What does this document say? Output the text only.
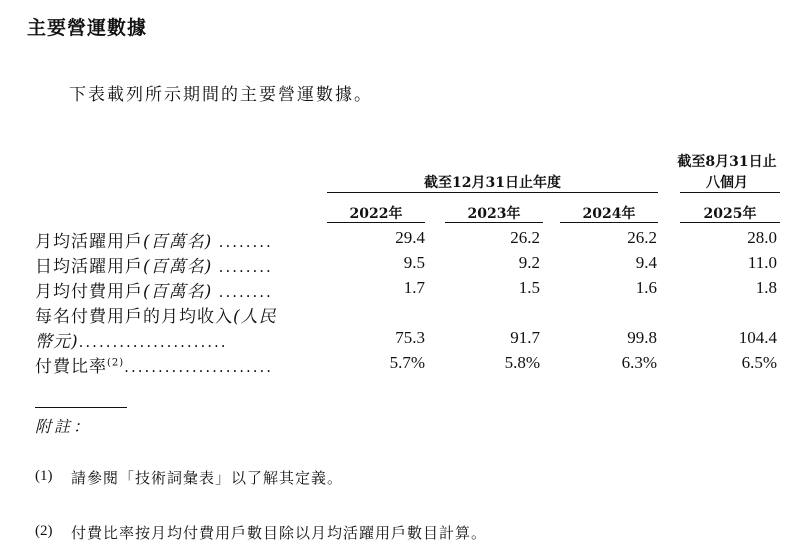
主要營運數據
下表載列所示期間的主要營運數據。
截至12月31日止年度
截至8月31日止
八個月
2022年	2023年	2024年	2025年
月均活躍用戶(百萬名) ........	29.4	26.2	26.2	28.0
日均活躍用戶(百萬名) ........	9.5	9.2	9.4	11.0
月均付費用戶(百萬名) ........	1.7	1.5	1.6	1.8
每名付費用戶的月均收入(人民
幣元)......................	75.3	91.7	99.8	104.4
付費比率$^{(2)}$......................	5.7%	5.8%	6.3%	6.5%
附註：
(1) 請參閱「技術詞彙表」以了解其定義。
(2) 付費比率按月均付費用戶數目除以月均活躍用戶數目計算。
